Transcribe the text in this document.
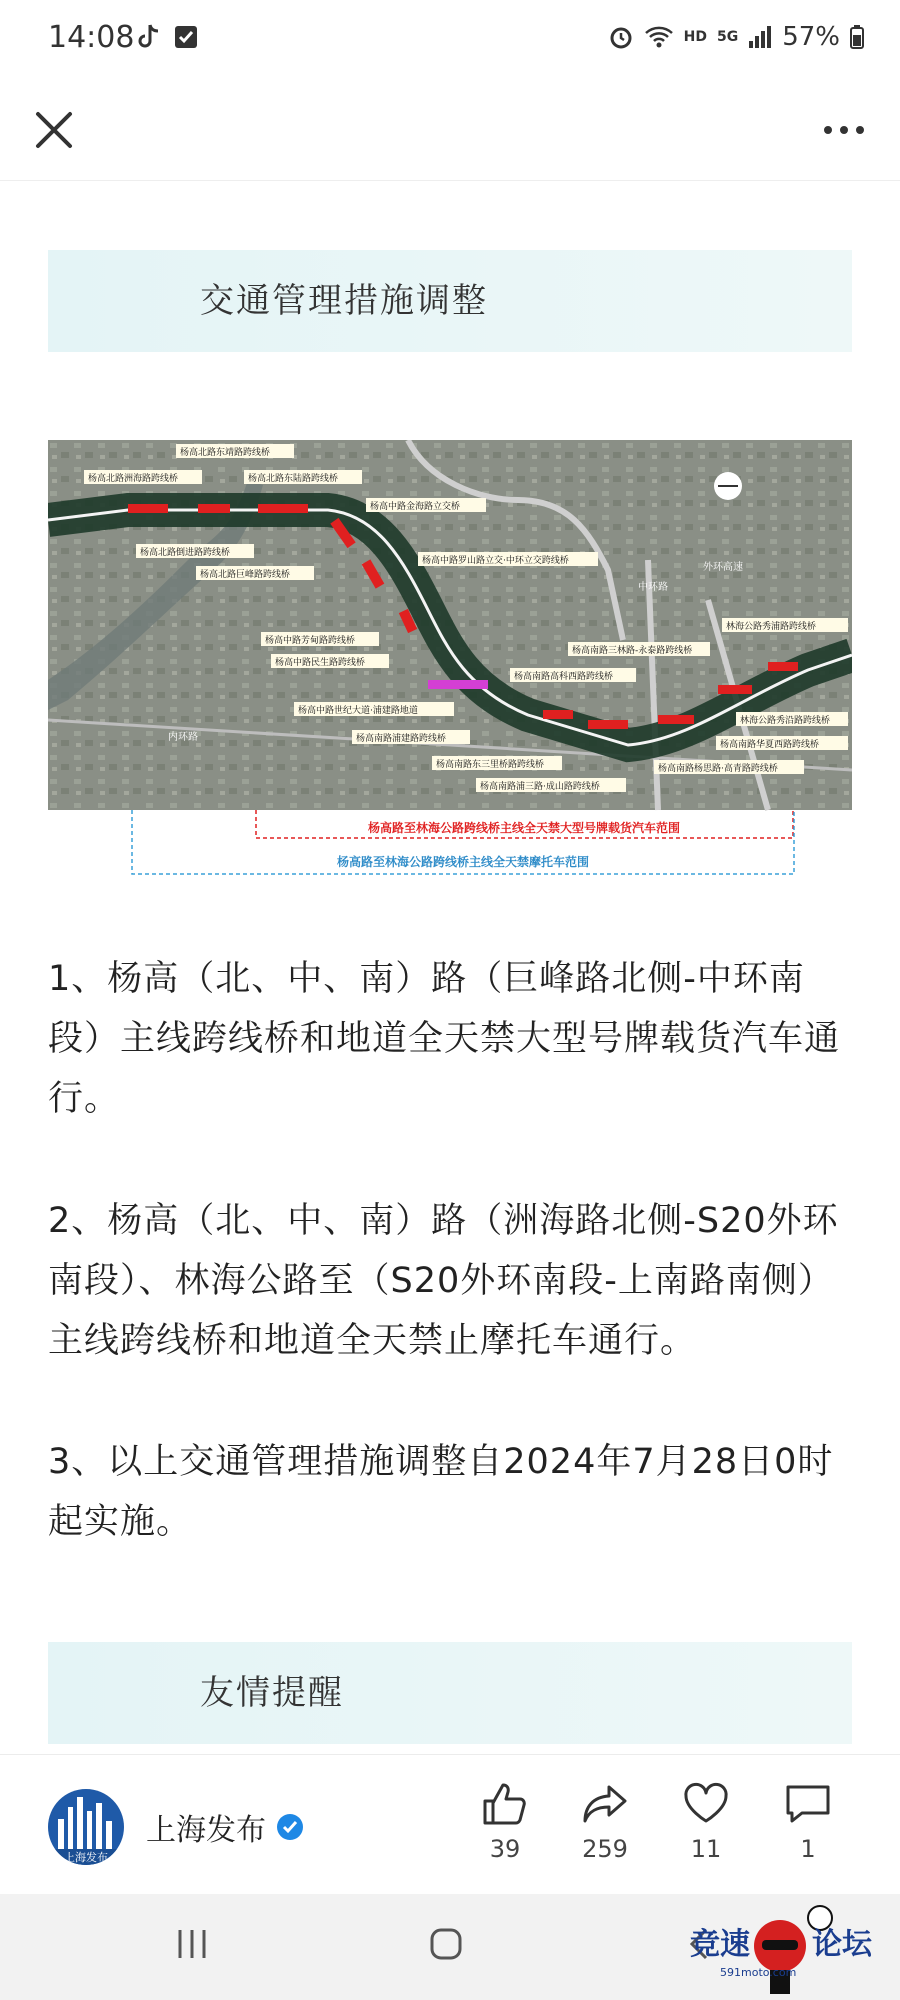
14:08	HD 5G 57%
交通管理措施调整
杨高北路东靖路跨线桥
杨高北路洲海路跨线桥	杨高北路东陆路跨线桥
杨高中路金海路立交桥
杨高北路倒进路跨线桥
杨高北路巨峰路跨线桥
杨高中路罗山路立交·中环立交跨线桥
杨高中路芳甸路跨线桥
杨高中路民生路跨线桥
杨高南路高科西路跨线桥
杨高南路三林路-永泰路跨线桥
杨高中路世纪大道·浦建路地道
杨高南路浦建路跨线桥
林海公路秀浦路跨线桥
杨高南路东三里桥路跨线桥
林海公路秀沿路跨线桥
杨高南路浦三路·成山路跨线桥
杨高南路华夏西路跨线桥
杨高南路杨思路·高青路跨线桥
外环高速
中环路
内环路
杨高路至林海公路跨线桥主线全天禁大型号牌载货汽车范围
杨高路至林海公路跨线桥主线全天禁摩托车范围
1、杨高（北、中、南）路（巨峰路北侧-中环南段）主线跨线桥和地道全天禁大型号牌载货汽车通行。
2、杨高（北、中、南）路（洲海路北侧-S20外环南段）、林海公路至（S20外环南段-上南路南侧）主线跨线桥和地道全天禁止摩托车通行。
3、以上交通管理措施调整自2024年7月28日0时起实施。
友情提醒
上海发布
上海发布
39	259	11	1
竞速 论坛
591moto.com
